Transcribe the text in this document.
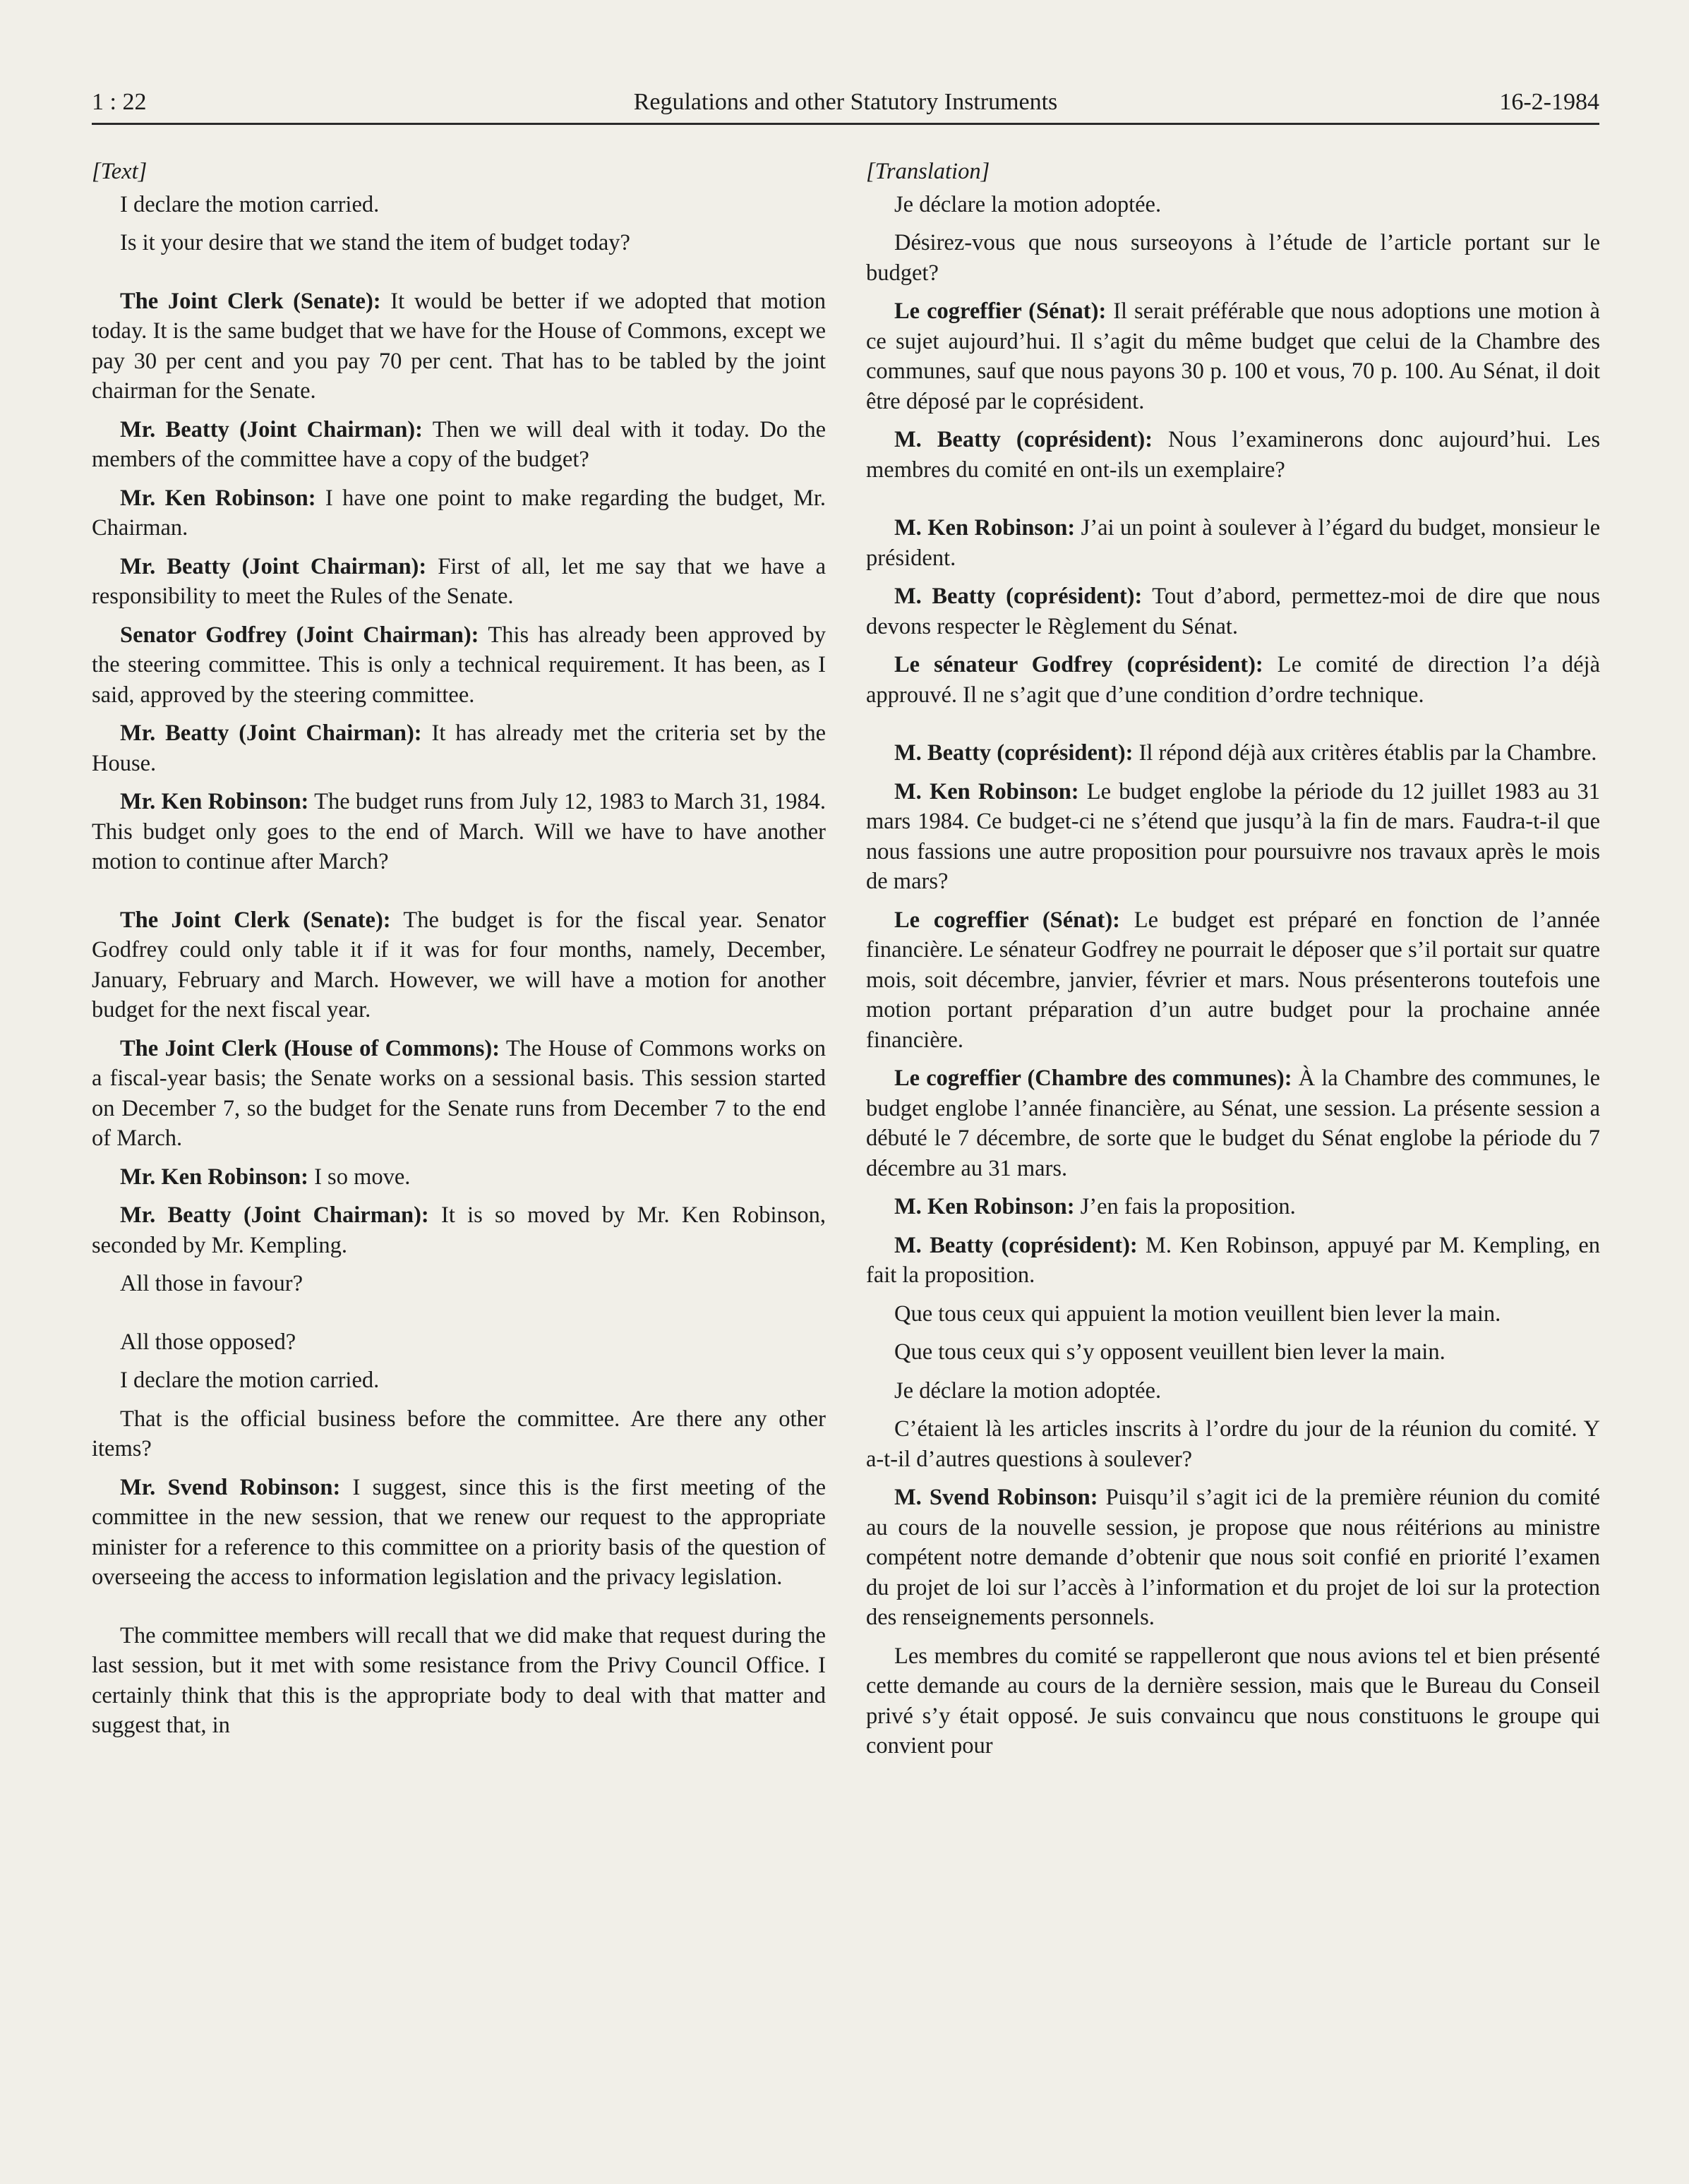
1 : 22	Regulations and other Statutory Instruments	16-2-1984

[Text]

I declare the motion carried.

Is it your desire that we stand the item of budget today?

The Joint Clerk (Senate): It would be better if we adopted that motion today. It is the same budget that we have for the House of Commons, except we pay 30 per cent and you pay 70 per cent. That has to be tabled by the joint chairman for the Senate.

Mr. Beatty (Joint Chairman): Then we will deal with it today. Do the members of the committee have a copy of the budget?

Mr. Ken Robinson: I have one point to make regarding the budget, Mr. Chairman.

Mr. Beatty (Joint Chairman): First of all, let me say that we have a responsibility to meet the Rules of the Senate.

Senator Godfrey (Joint Chairman): This has already been approved by the steering committee. This is only a technical requirement. It has been, as I said, approved by the steering committee.

Mr. Beatty (Joint Chairman): It has already met the criteria set by the House.

Mr. Ken Robinson: The budget runs from July 12, 1983 to March 31, 1984. This budget only goes to the end of March. Will we have to have another motion to continue after March?

The Joint Clerk (Senate): The budget is for the fiscal year. Senator Godfrey could only table it if it was for four months, namely, December, January, February and March. However, we will have a motion for another budget for the next fiscal year.

The Joint Clerk (House of Commons): The House of Commons works on a fiscal-year basis; the Senate works on a sessional basis. This session started on December 7, so the budget for the Senate runs from December 7 to the end of March.

Mr. Ken Robinson: I so move.

Mr. Beatty (Joint Chairman): It is so moved by Mr. Ken Robinson, seconded by Mr. Kempling.

All those in favour?

All those opposed?

I declare the motion carried.

That is the official business before the committee. Are there any other items?

Mr. Svend Robinson: I suggest, since this is the first meeting of the committee in the new session, that we renew our request to the appropriate minister for a reference to this committee on a priority basis of the question of overseeing the access to information legislation and the privacy legislation.

The committee members will recall that we did make that request during the last session, but it met with some resistance from the Privy Council Office. I certainly think that this is the appropriate body to deal with that matter and suggest that, in

[Translation]

Je déclare la motion adoptée.

Désirez-vous que nous surseoyons à l’étude de l’article portant sur le budget?

Le cogreffier (Sénat): Il serait préférable que nous adoptions une motion à ce sujet aujourd’hui. Il s’agit du même budget que celui de la Chambre des communes, sauf que nous payons 30 p. 100 et vous, 70 p. 100. Au Sénat, il doit être déposé par le coprésident.

M. Beatty (coprésident): Nous l’examinerons donc aujourd’hui. Les membres du comité en ont-ils un exemplaire?

M. Ken Robinson: J’ai un point à soulever à l’égard du budget, monsieur le président.

M. Beatty (coprésident): Tout d’abord, permettez-moi de dire que nous devons respecter le Règlement du Sénat.

Le sénateur Godfrey (coprésident): Le comité de direction l’a déjà approuvé. Il ne s’agit que d’une condition d’ordre technique.

M. Beatty (coprésident): Il répond déjà aux critères établis par la Chambre.

M. Ken Robinson: Le budget englobe la période du 12 juillet 1983 au 31 mars 1984. Ce budget-ci ne s’étend que jusqu’à la fin de mars. Faudra-t-il que nous fassions une autre proposition pour poursuivre nos travaux après le mois de mars?

Le cogreffier (Sénat): Le budget est préparé en fonction de l’année financière. Le sénateur Godfrey ne pourrait le déposer que s’il portait sur quatre mois, soit décembre, janvier, février et mars. Nous présenterons toutefois une motion portant préparation d’un autre budget pour la prochaine année financière.

Le cogreffier (Chambre des communes): À la Chambre des communes, le budget englobe l’année financière, au Sénat, une session. La présente session a débuté le 7 décembre, de sorte que le budget du Sénat englobe la période du 7 décembre au 31 mars.

M. Ken Robinson: J’en fais la proposition.

M. Beatty (coprésident): M. Ken Robinson, appuyé par M. Kempling, en fait la proposition.

Que tous ceux qui appuient la motion veuillent bien lever la main.

Que tous ceux qui s’y opposent veuillent bien lever la main.

Je déclare la motion adoptée.

C’étaient là les articles inscrits à l’ordre du jour de la réunion du comité. Y a-t-il d’autres questions à soulever?

M. Svend Robinson: Puisqu’il s’agit ici de la première réunion du comité au cours de la nouvelle session, je propose que nous réitérions au ministre compétent notre demande d’obtenir que nous soit confié en priorité l’examen du projet de loi sur l’accès à l’information et du projet de loi sur la protection des renseignements personnels.

Les membres du comité se rappelleront que nous avions tel et bien présenté cette demande au cours de la dernière session, mais que le Bureau du Conseil privé s’y était opposé. Je suis convaincu que nous constituons le groupe qui convient pour
